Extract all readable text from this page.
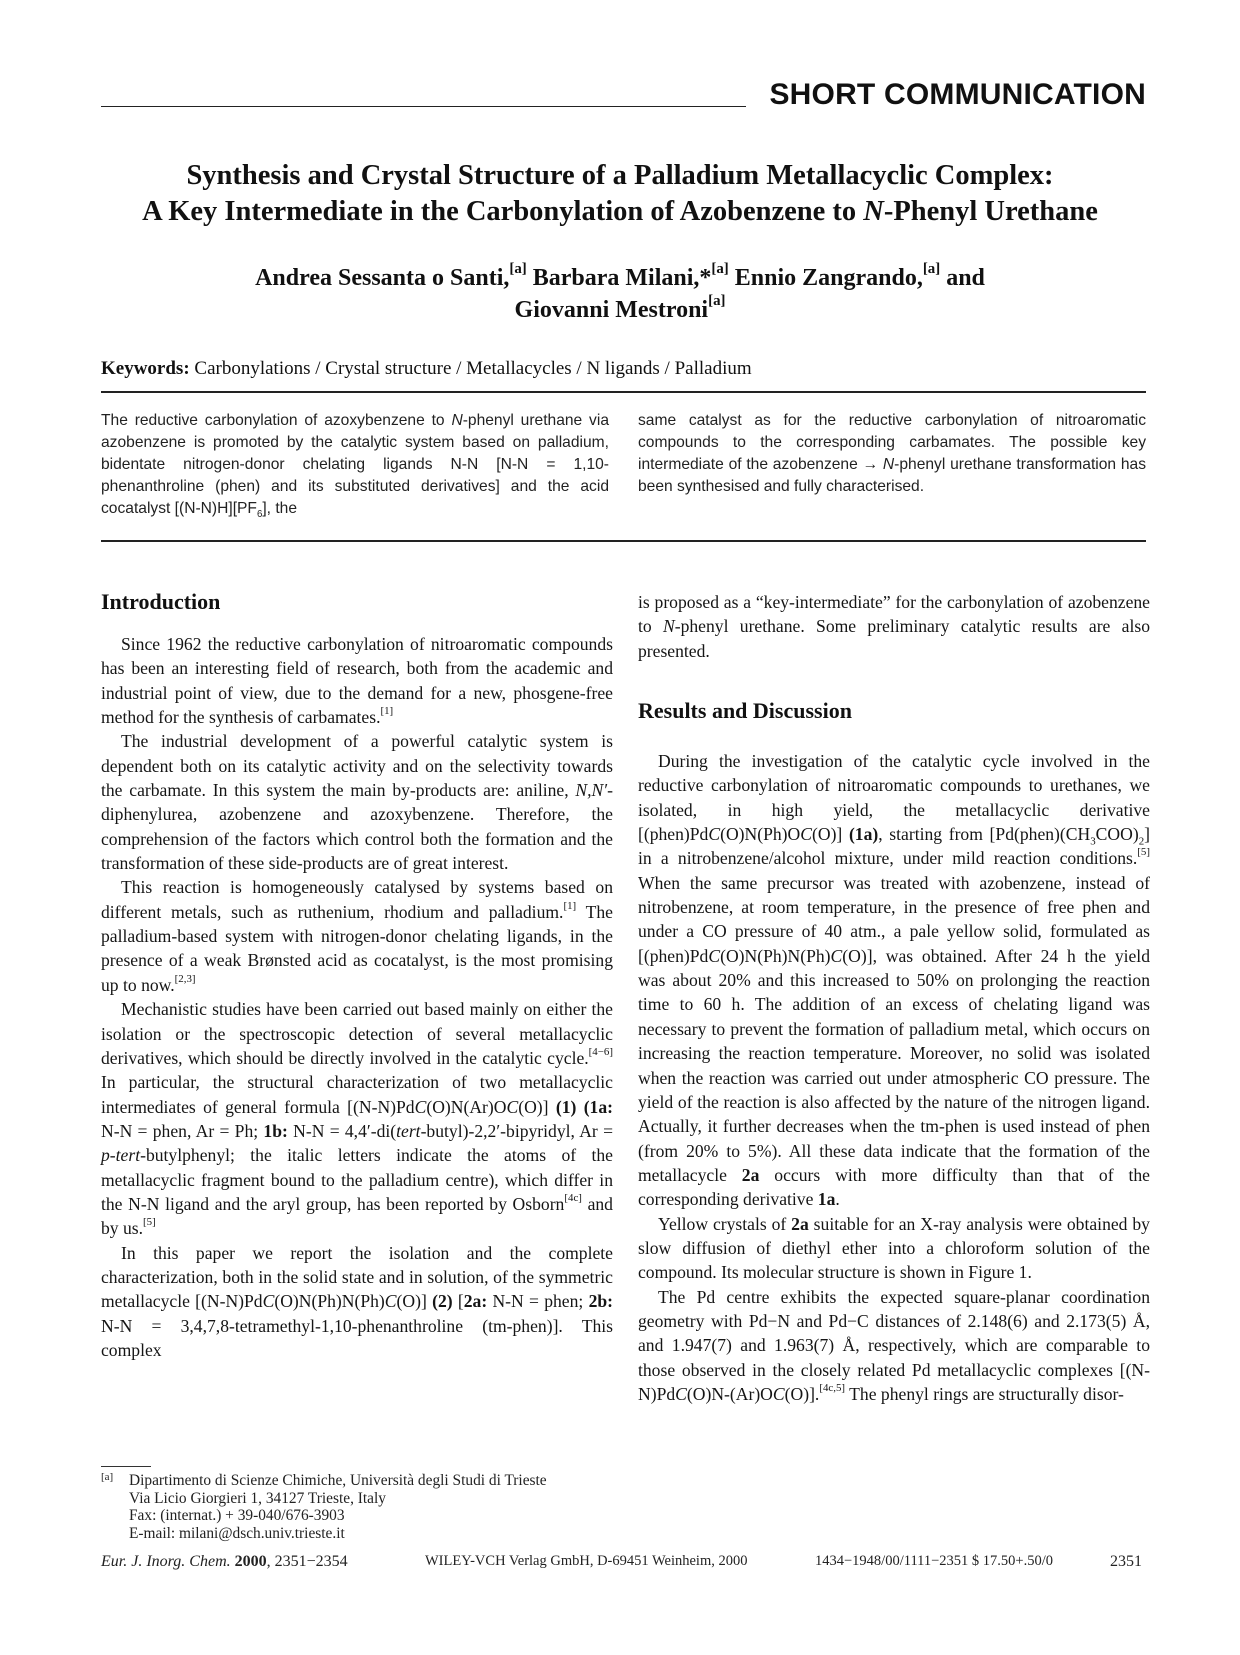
SHORT COMMUNICATION
Synthesis and Crystal Structure of a Palladium Metallacyclic Complex:
A Key Intermediate in the Carbonylation of Azobenzene to N-Phenyl Urethane
Andrea Sessanta o Santi,[a] Barbara Milani,*[a] Ennio Zangrando,[a] and
Giovanni Mestroni[a]
Keywords: Carbonylations / Crystal structure / Metallacycles / N ligands / Palladium
The reductive carbonylation of azoxybenzene to N-phenyl urethane via azobenzene is promoted by the catalytic system based on palladium, bidentate nitrogen-donor chelating ligands N-N [N-N = 1,10-phenanthroline (phen) and its substituted derivatives] and the acid cocatalyst $[(N-N)H][PF_6]$, the
same catalyst as for the reductive carbonylation of nitroaromatic compounds to the corresponding carbamates. The possible key intermediate of the azobenzene → N-phenyl urethane transformation has been synthesised and fully characterised.
Introduction

Since 1962 the reductive carbonylation of nitroaromatic compounds has been an interesting field of research, both from the academic and industrial point of view, due to the demand for a new, phosgene-free method for the synthesis of carbamates.[1]

The industrial development of a powerful catalytic system is dependent both on its catalytic activity and on the selectivity towards the carbamate. In this system the main by-products are: aniline, N,N′-diphenylurea, azobenzene and azoxybenzene. Therefore, the comprehension of the factors which control both the formation and the transformation of these side-products are of great interest.

This reaction is homogeneously catalysed by systems based on different metals, such as ruthenium, rhodium and palladium.[1] The palladium-based system with nitrogen-donor chelating ligands, in the presence of a weak Brønsted acid as cocatalyst, is the most promising up to now.[2,3]

Mechanistic studies have been carried out based mainly on either the isolation or the spectroscopic detection of several metallacyclic derivatives, which should be directly involved in the catalytic cycle.[4−6] In particular, the structural characterization of two metallacyclic intermediates of general formula [(N-N)PdC(O)N(Ar)OC(O)] (1) (1a: N-N = phen, Ar = Ph; 1b: N-N = 4,4′-di(tert-butyl)-2,2′-bipyridyl, Ar = p-tert-butylphenyl; the italic letters indicate the atoms of the metallacyclic fragment bound to the palladium centre), which differ in the N-N ligand and the aryl group, has been reported by Osborn[4c] and by us.[5]

In this paper we report the isolation and the complete characterization, both in the solid state and in solution, of the symmetric metallacycle [(N-N)PdC(O)N(Ph)N(Ph)C(O)] (2) [2a: N-N = phen; 2b: N-N = 3,4,7,8-tetramethyl-1,10-phenanthroline (tm-phen)]. This complex

is proposed as a “key-intermediate” for the carbonylation of azobenzene to N-phenyl urethane. Some preliminary catalytic results are also presented.

Results and Discussion

During the investigation of the catalytic cycle involved in the reductive carbonylation of nitroaromatic compounds to urethanes, we isolated, in high yield, the metallacyclic derivative [(phen)PdC(O)N(Ph)OC(O)] (1a), starting from $[Pd(phen)(CH_3COO)_2]$ in a nitrobenzene/alcohol mixture, under mild reaction conditions.[5] When the same precursor was treated with azobenzene, instead of nitrobenzene, at room temperature, in the presence of free phen and under a CO pressure of 40 atm., a pale yellow solid, formulated as [(phen)PdC(O)N(Ph)N(Ph)C(O)], was obtained. After 24 h the yield was about 20% and this increased to 50% on prolonging the reaction time to 60 h. The addition of an excess of chelating ligand was necessary to prevent the formation of palladium metal, which occurs on increasing the reaction temperature. Moreover, no solid was isolated when the reaction was carried out under atmospheric CO pressure. The yield of the reaction is also affected by the nature of the nitrogen ligand. Actually, it further decreases when the tm-phen is used instead of phen (from 20% to 5%). All these data indicate that the formation of the metallacycle 2a occurs with more difficulty than that of the corresponding derivative 1a.

Yellow crystals of 2a suitable for an X-ray analysis were obtained by slow diffusion of diethyl ether into a chloroform solution of the compound. Its molecular structure is shown in Figure 1.

The Pd centre exhibits the expected square-planar coordination geometry with Pd−N and Pd−C distances of 2.148(6) and 2.173(5) Å, and 1.947(7) and 1.963(7) Å, respectively, which are comparable to those observed in the closely related Pd metallacyclic complexes [(N-N)PdC(O)N-(Ar)OC(O)].[4c,5] The phenyl rings are structurally disor-

[a] Dipartimento di Scienze Chimiche, Università degli Studi di Trieste
Via Licio Giorgieri 1, 34127 Trieste, Italy
Fax: (internat.) + 39-040/676-3903
E-mail: milani@dsch.univ.trieste.it
Eur. J. Inorg. Chem. 2000, 2351−2354	WILEY-VCH Verlag GmbH, D-69451 Weinheim, 2000	1434−1948/00/1111−2351 $ 17.50+.50/0	2351
